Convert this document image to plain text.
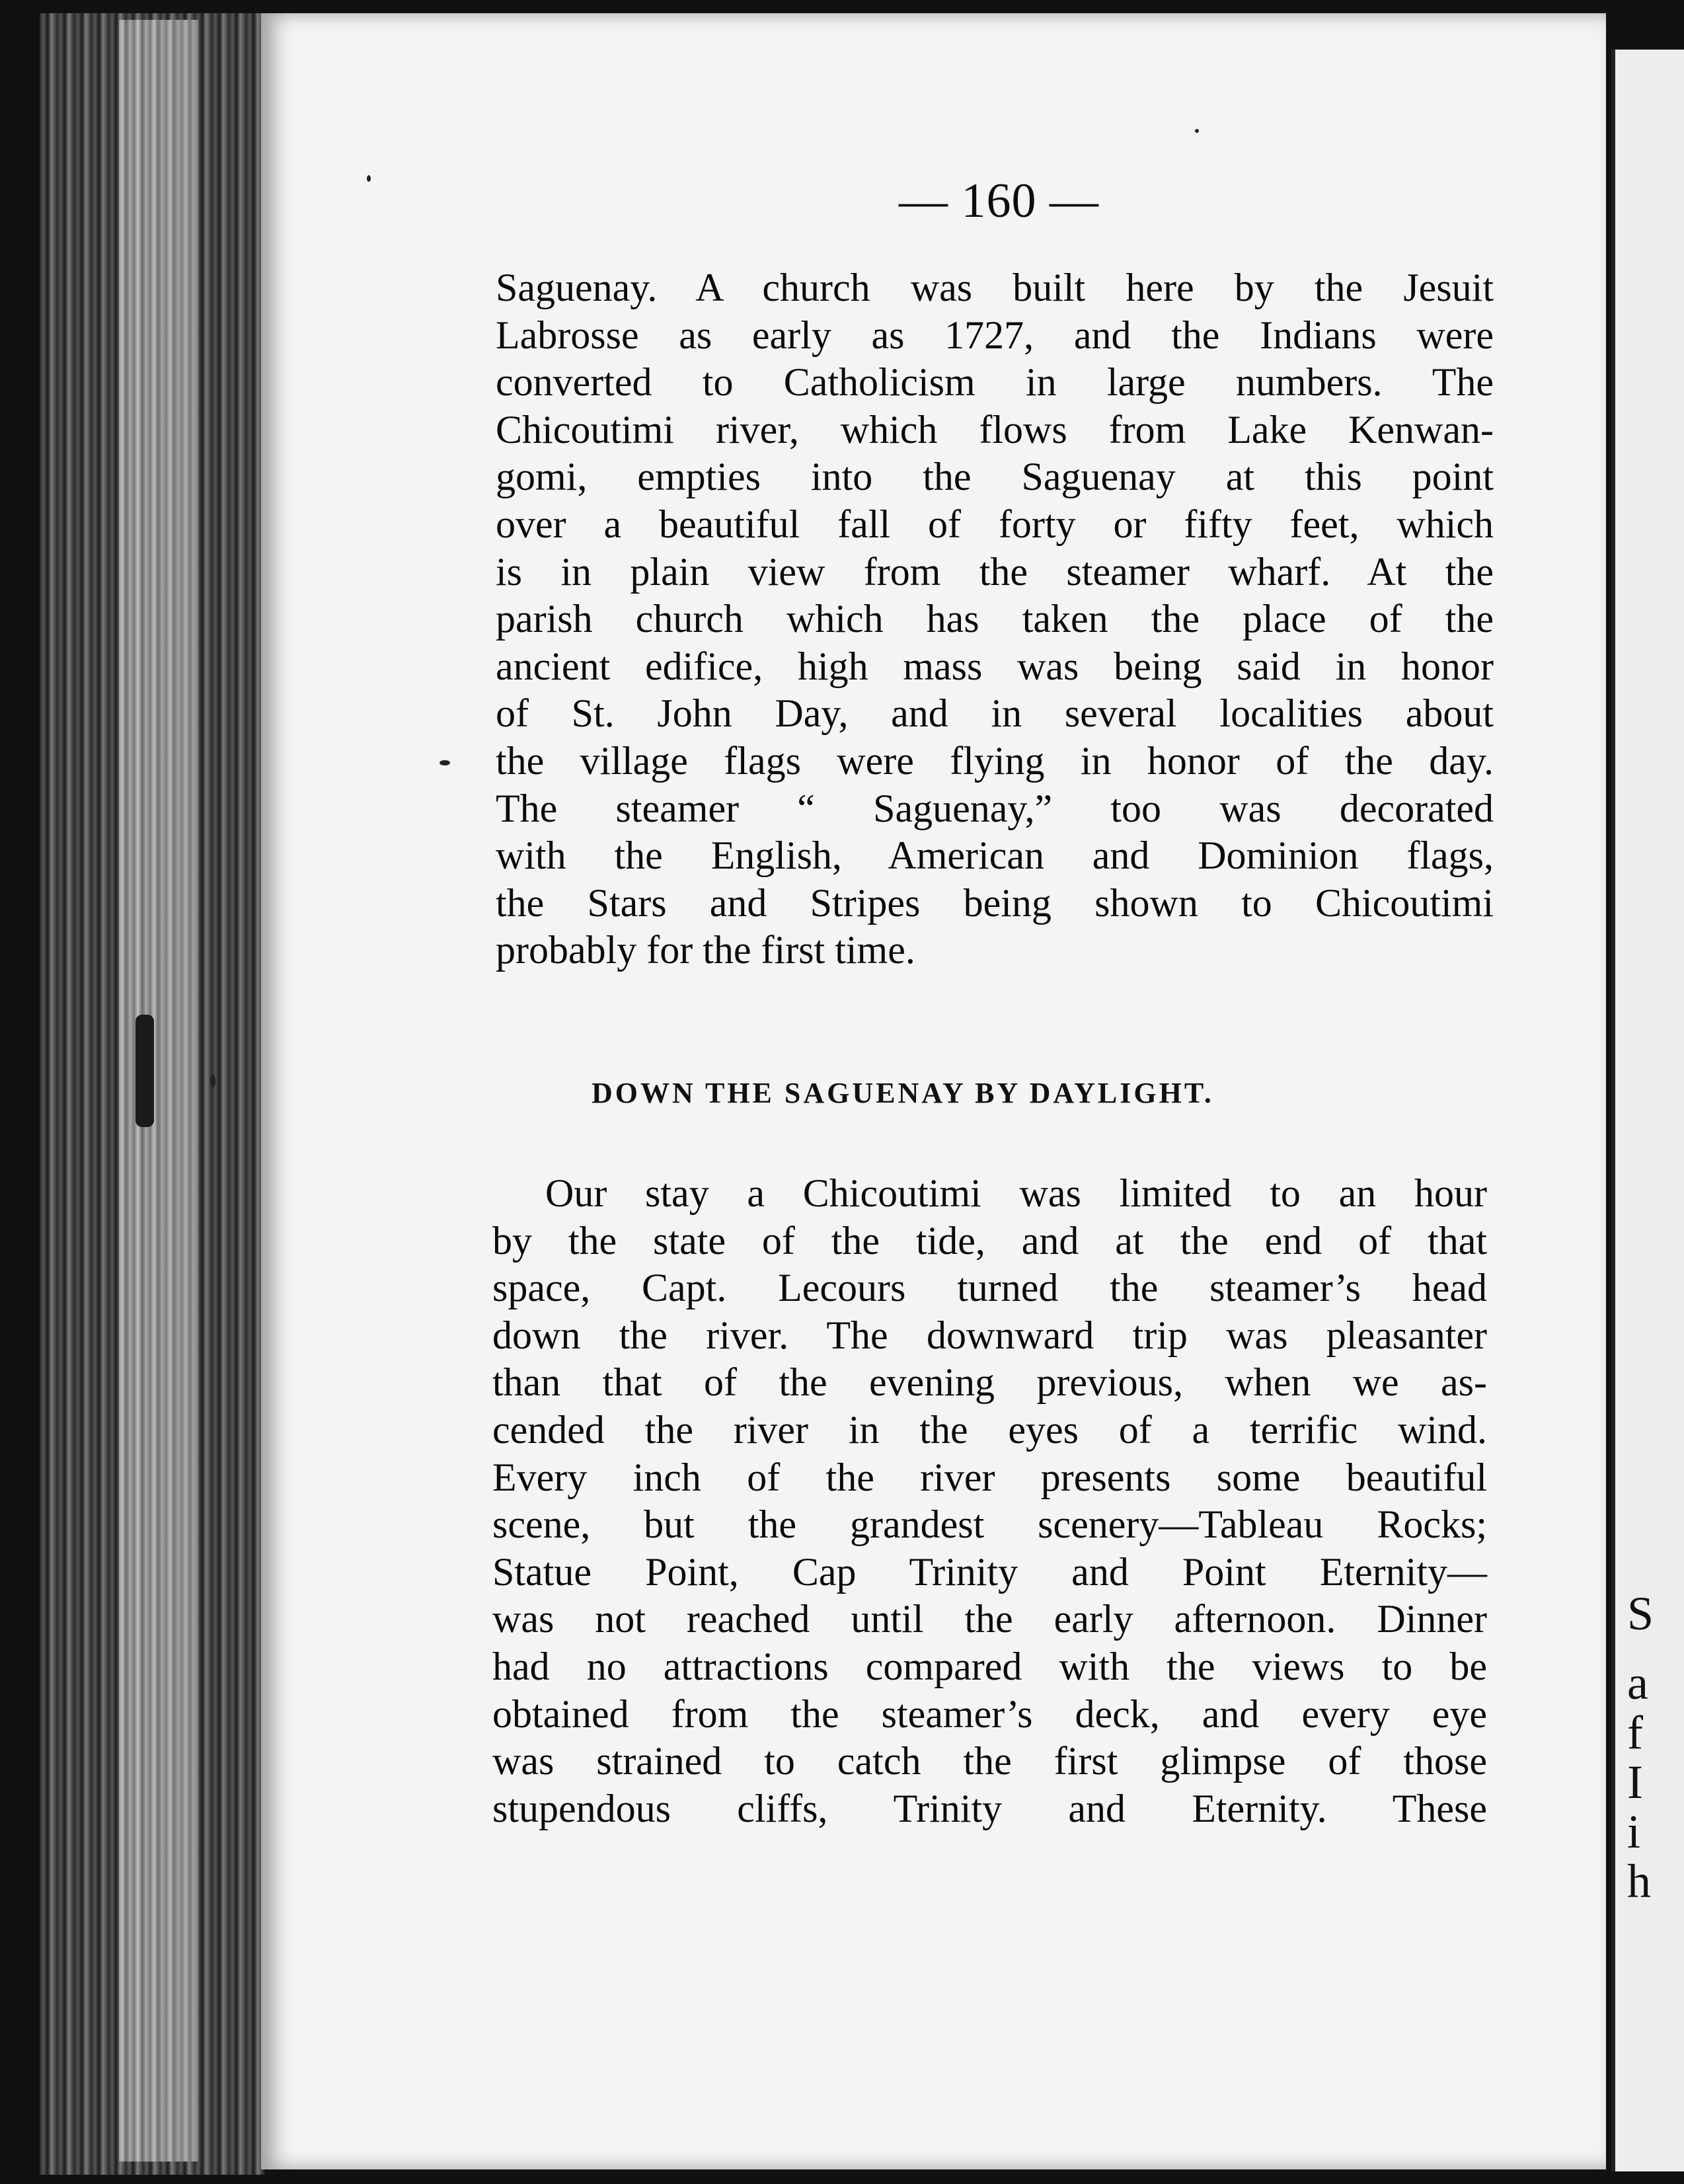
S
a
f
I
i
h
— 160 —
Saguenay. A church was built here by the Jesuit
Labrosse as early as 1727, and the Indians were
converted to Catholicism in large numbers. The
Chicoutimi river, which flows from Lake Kenwan-
gomi, empties into the Saguenay at this point
over a beautiful fall of forty or fifty feet, which
is in plain view from the steamer wharf. At the
parish church which has taken the place of the
ancient edifice, high mass was being said in honor
of St. John Day, and in several localities about
the village flags were flying in honor of the day.
The steamer “ Saguenay,” too was decorated
with the English, American and Dominion flags,
the Stars and Stripes being shown to Chicoutimi
probably for the first time.
DOWN THE SAGUENAY BY DAYLIGHT.
Our stay a Chicoutimi was limited to an hour
by the state of the tide, and at the end of that
space, Capt. Lecours turned the steamer’s head
down the river. The downward trip was pleasanter
than that of the evening previous, when we as-
cended the river in the eyes of a terrific wind.
Every inch of the river presents some beautiful
scene, but the grandest scenery—Tableau Rocks;
Statue Point, Cap Trinity and Point Eternity—
was not reached until the early afternoon. Dinner
had no attractions compared with the views to be
obtained from the steamer’s deck, and every eye
was strained to catch the first glimpse of those
stupendous cliffs, Trinity and Eternity. These
